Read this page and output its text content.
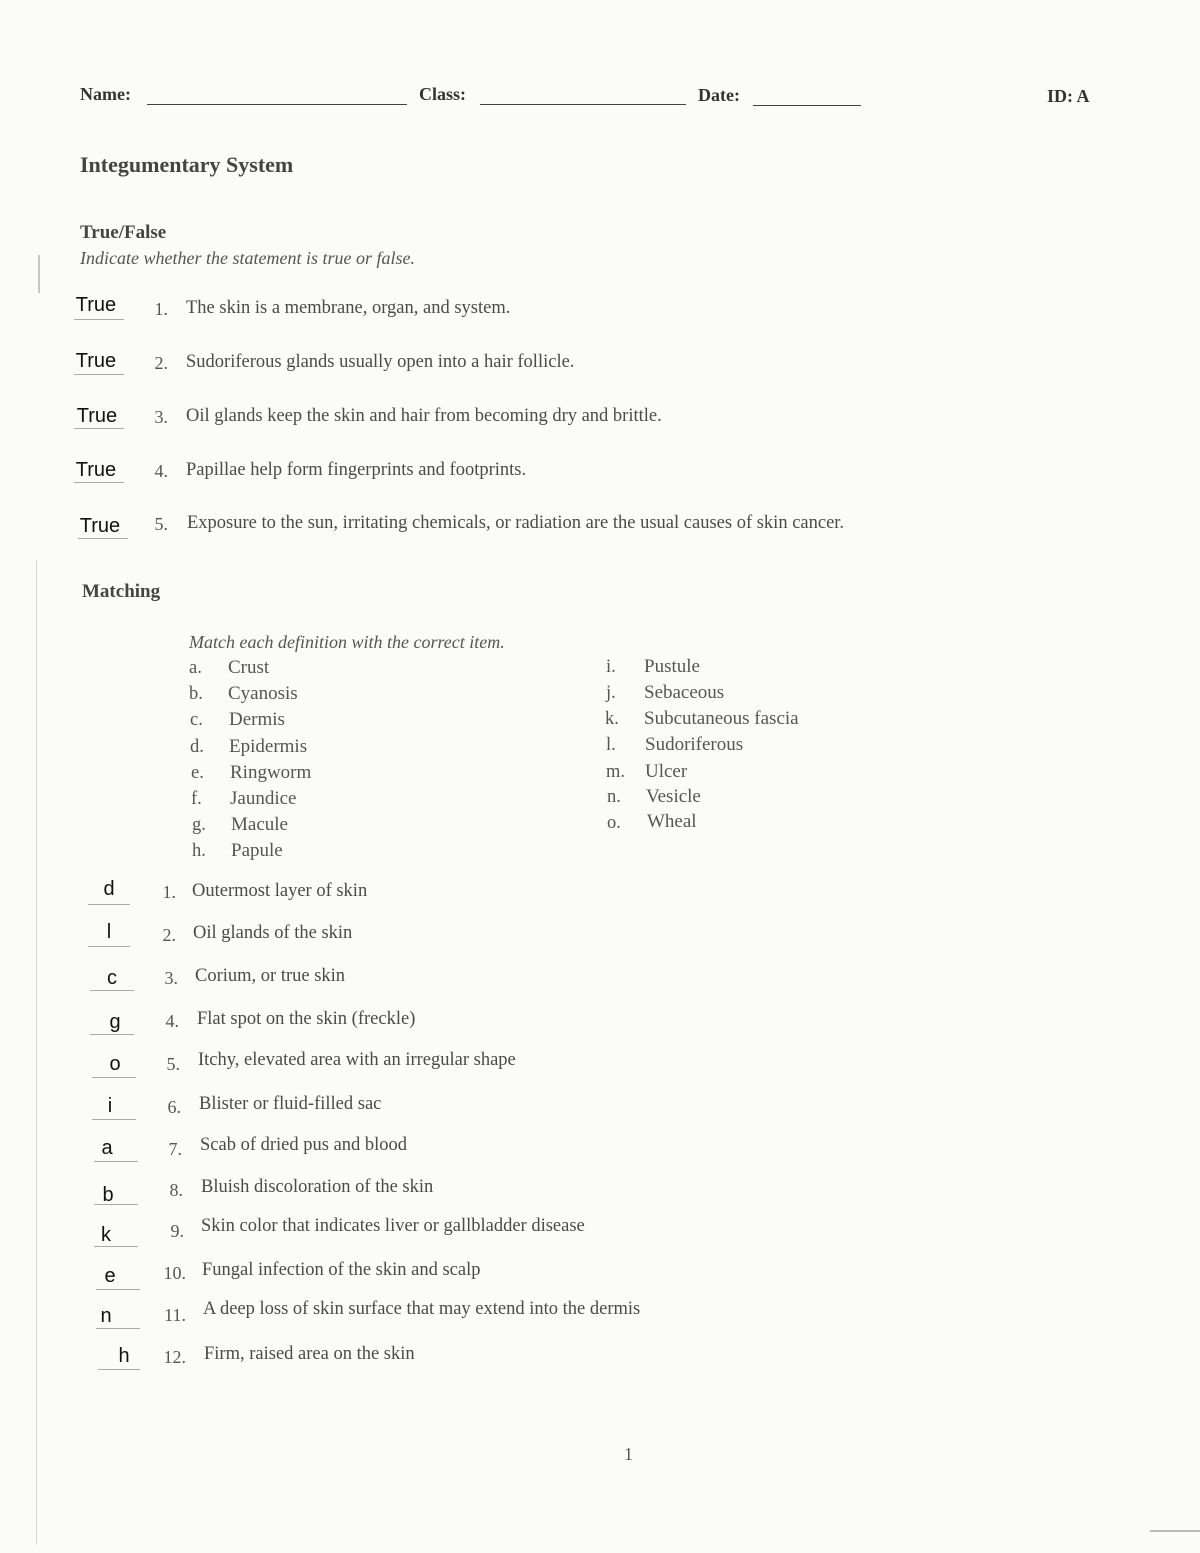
Name:	Class:	Date:	ID: A
Integumentary System
True/False
Indicate whether the statement is true or false.
True	1. The skin is a membrane, organ, and system.
True	2. Sudoriferous glands usually open into a hair follicle.
True	3. Oil glands keep the skin and hair from becoming dry and brittle.
True	4. Papillae help form fingerprints and footprints.
True	5. Exposure to the sun, irritating chemicals, or radiation are the usual causes of skin cancer.
Matching
Match each definition with the correct item.
a. Crust
b. Cyanosis
c. Dermis
d. Epidermis
e. Ringworm
f. Jaundice
g. Macule
h. Papule
i. Pustule
j. Sebaceous
k. Subcutaneous fascia
l. Sudoriferous
m. Ulcer
n. Vesicle
o. Wheal
d	1. Outermost layer of skin
l	2. Oil glands of the skin
c	3. Corium, or true skin
g	4. Flat spot on the skin (freckle)
o	5. Itchy, elevated area with an irregular shape
i	6. Blister or fluid-filled sac
a	7. Scab of dried pus and blood
b	8. Bluish discoloration of the skin
k	9. Skin color that indicates liver or gallbladder disease
e	10. Fungal infection of the skin and scalp
n	11. A deep loss of skin surface that may extend into the dermis
h	12. Firm, raised area on the skin
1
